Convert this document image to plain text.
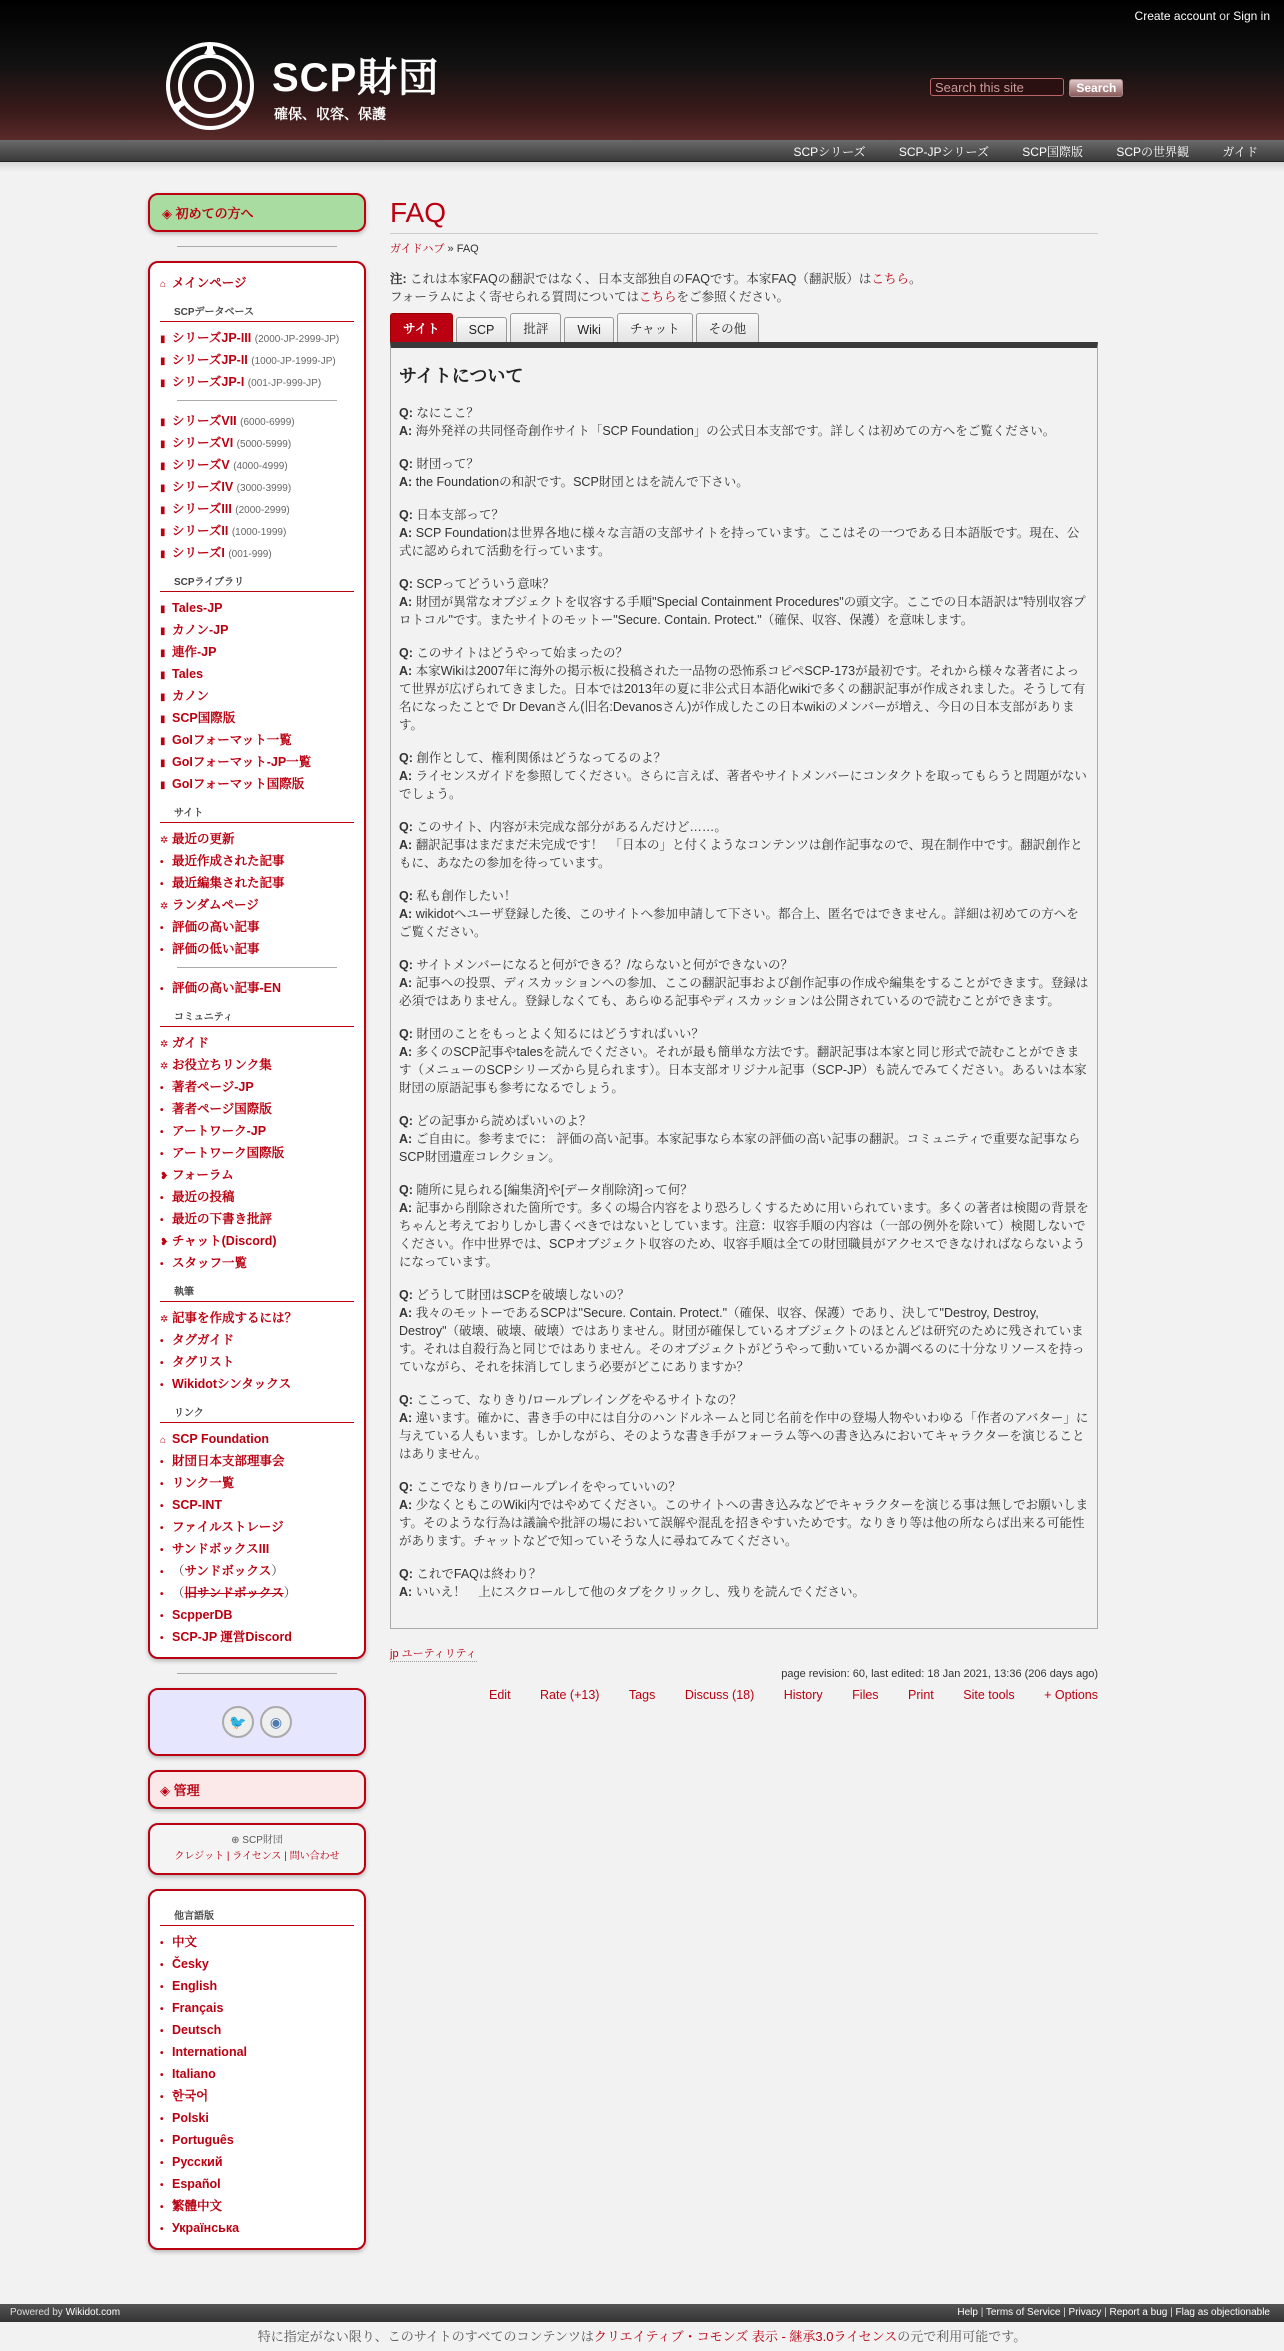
Create account or Sign in
SCP財団
確保、収容、保護
Search this site Search
SCPシリーズ	SCP-JPシリーズ	SCP国際版	SCPの世界観	ガイド
◈ 初めての方へ
⌂ メインページ
SCPデータベース
▮ シリーズJP-III (2000-JP-2999-JP)
▮ シリーズJP-II (1000-JP-1999-JP)
▮ シリーズJP-I (001-JP-999-JP)
▮ シリーズVII (6000-6999)
▮ シリーズVI (5000-5999)
▮ シリーズV (4000-4999)
▮ シリーズIV (3000-3999)
▮ シリーズIII (2000-2999)
▮ シリーズII (1000-1999)
▮ シリーズI (001-999)
SCPライブラリ
▮ Tales-JP
▮ カノン-JP
▮ 連作-JP
▮ Tales
▮ カノン
▮ SCP国際版
▮ GoIフォーマット一覧
▮ GoIフォーマット-JP一覧
▮ GoIフォーマット国際版
サイト
✲ 最近の更新
• 最近作成された記事
• 最近編集された記事
✲ ランダムページ
• 評価の高い記事
• 評価の低い記事
• 評価の高い記事-EN
コミュニティ
✲ ガイド
✲ お役立ちリンク集
• 著者ページ-JP
• 著者ページ国際版
• アートワーク-JP
• アートワーク国際版
❥ フォーラム
• 最近の投稿
• 最近の下書き批評
❥ チャット(Discord)
• スタッフ一覧
執筆
✲ 記事を作成するには？
• タグガイド
• タグリスト
• Wikidotシンタックス
リンク
⌂ SCP Foundation
• 財団日本支部理事会
• リンク一覧
• SCP-INT
• ファイルストレージ
• サンドボックスIII
• （サンドボックス）
• （旧サンドボックス）
• ScpperDB
• SCP-JP 運営Discord
🐦 ◉
◈ 管理
⊕ SCP財団
クレジット | ライセンス | 問い合わせ
他言語版
• 中文
• Česky
• English
• Français
• Deutsch
• International
• Italiano
• 한국어
• Polski
• Português
• Русский
• Español
• 繁體中文
• Українська
FAQ
ガイドハブ » FAQ
注: これは本家FAQの翻訳ではなく、日本支部独自のFAQです。本家FAQ（翻訳版）はこちら。
フォーラムによく寄せられる質問についてはこちらをご参照ください。
サイト	SCP	批評	Wiki	チャット	その他
サイトについて
Q: なにここ？
A: 海外発祥の共同怪奇創作サイト「SCP Foundation」の公式日本支部です。詳しくは初めての方へをご覧ください。
Q: 財団って？
A: the Foundationの和訳です。SCP財団とはを読んで下さい。
Q: 日本支部って？
A: SCP Foundationは世界各地に様々な言語の支部サイトを持っています。ここはその一つである日本語版です。現在、公式に認められて活動を行っています。
Q: SCPってどういう意味？
A: 財団が異常なオブジェクトを収容する手順"Special Containment Procedures"の頭文字。ここでの日本語訳は"特別収容プロトコル"です。またサイトのモットー"Secure. Contain. Protect."（確保、収容、保護）を意味します。
Q: このサイトはどうやって始まったの？
A: 本家Wikiは2007年に海外の掲示板に投稿された一品物の恐怖系コピペSCP-173が最初です。それから様々な著者によって世界が広げられてきました。日本では2013年の夏に非公式日本語化wikiで多くの翻訳記事が作成されました。そうして有名になったことで Dr Devanさん(旧名:Devanosさん)が作成したこの日本wikiのメンバーが増え、今日の日本支部があります。
Q: 創作として、権利関係はどうなってるのよ？
A: ライセンスガイドを参照してください。さらに言えば、著者やサイトメンバーにコンタクトを取ってもらうと問題がないでしょう。
Q: このサイト、内容が未完成な部分があるんだけど……。
A: 翻訳記事はまだまだ未完成です！　「日本の」と付くようなコンテンツは創作記事なので、現在制作中です。翻訳創作ともに、あなたの参加を待っています。
Q: 私も創作したい！
A: wikidotへユーザ登録した後、このサイトへ参加申請して下さい。都合上、匿名ではできません。詳細は初めての方へをご覧ください。
Q: サイトメンバーになると何ができる？/ならないと何ができないの？
A: 記事への投票、ディスカッションへの参加、ここの翻訳記事および創作記事の作成や編集をすることができます。登録は必須ではありません。登録しなくても、あらゆる記事やディスカッションは公開されているので読むことができます。
Q: 財団のことをもっとよく知るにはどうすればいい？
A: 多くのSCP記事やtalesを読んでください。それが最も簡単な方法です。翻訳記事は本家と同じ形式で読むことができます（メニューのSCPシリーズから見られます）。日本支部オリジナル記事（SCP-JP）も読んでみてください。あるいは本家財団の原語記事も参考になるでしょう。
Q: どの記事から読めばいいのよ？
A: ご自由に。参考までに： 評価の高い記事。本家記事なら本家の評価の高い記事の翻訳。コミュニティで重要な記事ならSCP財団遺産コレクション。
Q: 随所に見られる[編集済]や[データ削除済]って何？
A: 記事から削除された箇所です。多くの場合内容をより恐ろしくするために用いられています。多くの著者は検閲の背景をちゃんと考えておりしかし書くべきではないとしています。注意：収容手順の内容は（一部の例外を除いて）検閲しないでください。作中世界では、SCPオブジェクト収容のため、収容手順は全ての財団職員がアクセスできなければならないようになっています。
Q: どうして財団はSCPを破壊しないの？
A: 我々のモットーであるSCPは"Secure. Contain. Protect."（確保、収容、保護）であり、決して"Destroy, Destroy, Destroy"（破壊、破壊、破壊）ではありません。財団が確保しているオブジェクトのほとんどは研究のために残されています。それは自殺行為と同じではありません。そのオブジェクトがどうやって動いているか調べるのに十分なリソースを持っていながら、それを抹消してしまう必要がどこにありますか？
Q: ここって、なりきり/ロールプレイングをやるサイトなの？
A: 違います。確かに、書き手の中には自分のハンドルネームと同じ名前を作中の登場人物やいわゆる「作者のアバター」に与えている人もいます。しかしながら、そのような書き手がフォーラム等への書き込みにおいてキャラクターを演じることはありません。
Q: ここでなりきり/ロールプレイをやっていいの？
A: 少なくともこのWiki内ではやめてください。このサイトへの書き込みなどでキャラクターを演じる事は無しでお願いします。そのような行為は議論や批評の場において誤解や混乱を招きやすいためです。なりきり等は他の所ならば出来る可能性があります。チャットなどで知っていそうな人に尋ねてみてください。
Q: これでFAQは終わり？
A: いいえ！　上にスクロールして他のタブをクリックし、残りを読んでください。
jp ユーティリティ
page revision: 60, last edited: 18 Jan 2021, 13:36 (206 days ago)
Edit Rate (+13) Tags Discuss (18) History Files Print Site tools + Options
Powered by Wikidot.com	Help | Terms of Service | Privacy | Report a bug | Flag as objectionable
特に指定がない限り、このサイトのすべてのコンテンツはクリエイティブ・コモンズ 表示 - 継承3.0ライセンスの元で利用可能です。
